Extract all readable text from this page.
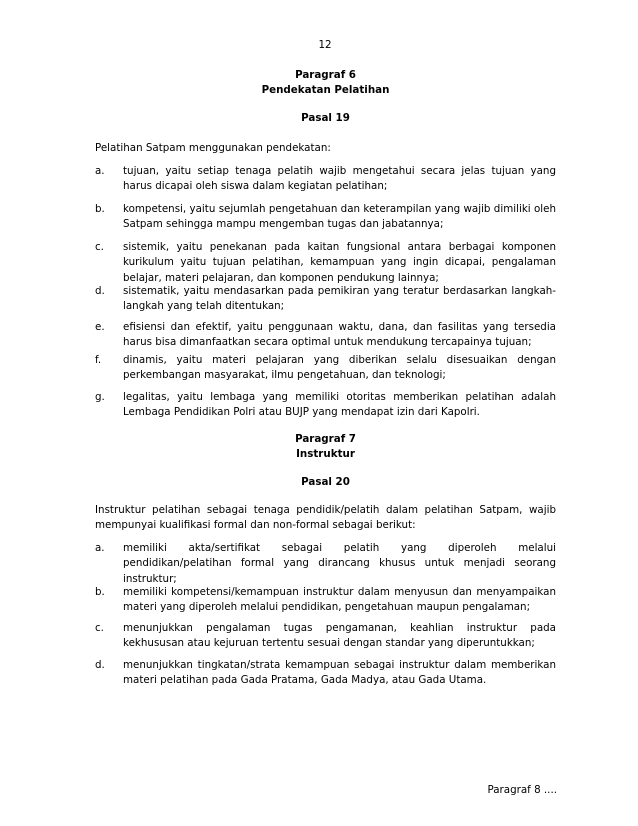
12
Paragraf 6
Pendekatan Pelatihan
Pasal 19
Pelatihan Satpam menggunakan pendekatan:
a.	tujuan, yaitu setiap tenaga pelatih wajib mengetahui secara jelas tujuan yang harus dicapai oleh siswa dalam kegiatan pelatihan;
b.	kompetensi, yaitu sejumlah pengetahuan dan keterampilan yang wajib dimiliki oleh Satpam sehingga mampu mengemban tugas dan jabatannya;
c.	sistemik, yaitu penekanan pada kaitan fungsional antara berbagai komponen kurikulum yaitu tujuan pelatihan, kemampuan yang ingin dicapai, pengalaman belajar, materi pelajaran, dan komponen pendukung lainnya;
d.	sistematik, yaitu mendasarkan pada pemikiran yang teratur berdasarkan langkah-langkah yang telah ditentukan;
e.	efisiensi dan efektif, yaitu penggunaan waktu, dana, dan fasilitas yang tersedia harus bisa dimanfaatkan secara optimal untuk mendukung tercapainya tujuan;
f.	dinamis, yaitu materi pelajaran yang diberikan selalu disesuaikan dengan perkembangan masyarakat, ilmu pengetahuan, dan teknologi;
g.	legalitas, yaitu lembaga yang memiliki otoritas memberikan pelatihan adalah Lembaga Pendidikan Polri atau BUJP yang mendapat izin dari Kapolri.
Paragraf 7
Instruktur
Pasal 20
Instruktur pelatihan sebagai tenaga pendidik/pelatih dalam pelatihan Satpam, wajib mempunyai kualifikasi formal dan non-formal sebagai berikut:
a.	memiliki akta/sertifikat sebagai pelatih yang diperoleh melalui pendidikan/pelatihan formal yang dirancang khusus untuk menjadi seorang instruktur;
b.	memiliki kompetensi/kemampuan instruktur dalam menyusun dan menyampaikan materi yang diperoleh melalui pendidikan, pengetahuan maupun pengalaman;
c.	menunjukkan pengalaman tugas pengamanan, keahlian instruktur pada kekhususan atau kejuruan tertentu sesuai dengan standar yang diperuntukkan;
d.	menunjukkan tingkatan/strata kemampuan sebagai instruktur dalam memberikan materi pelatihan pada Gada Pratama, Gada Madya, atau Gada Utama.
Paragraf 8 ....
